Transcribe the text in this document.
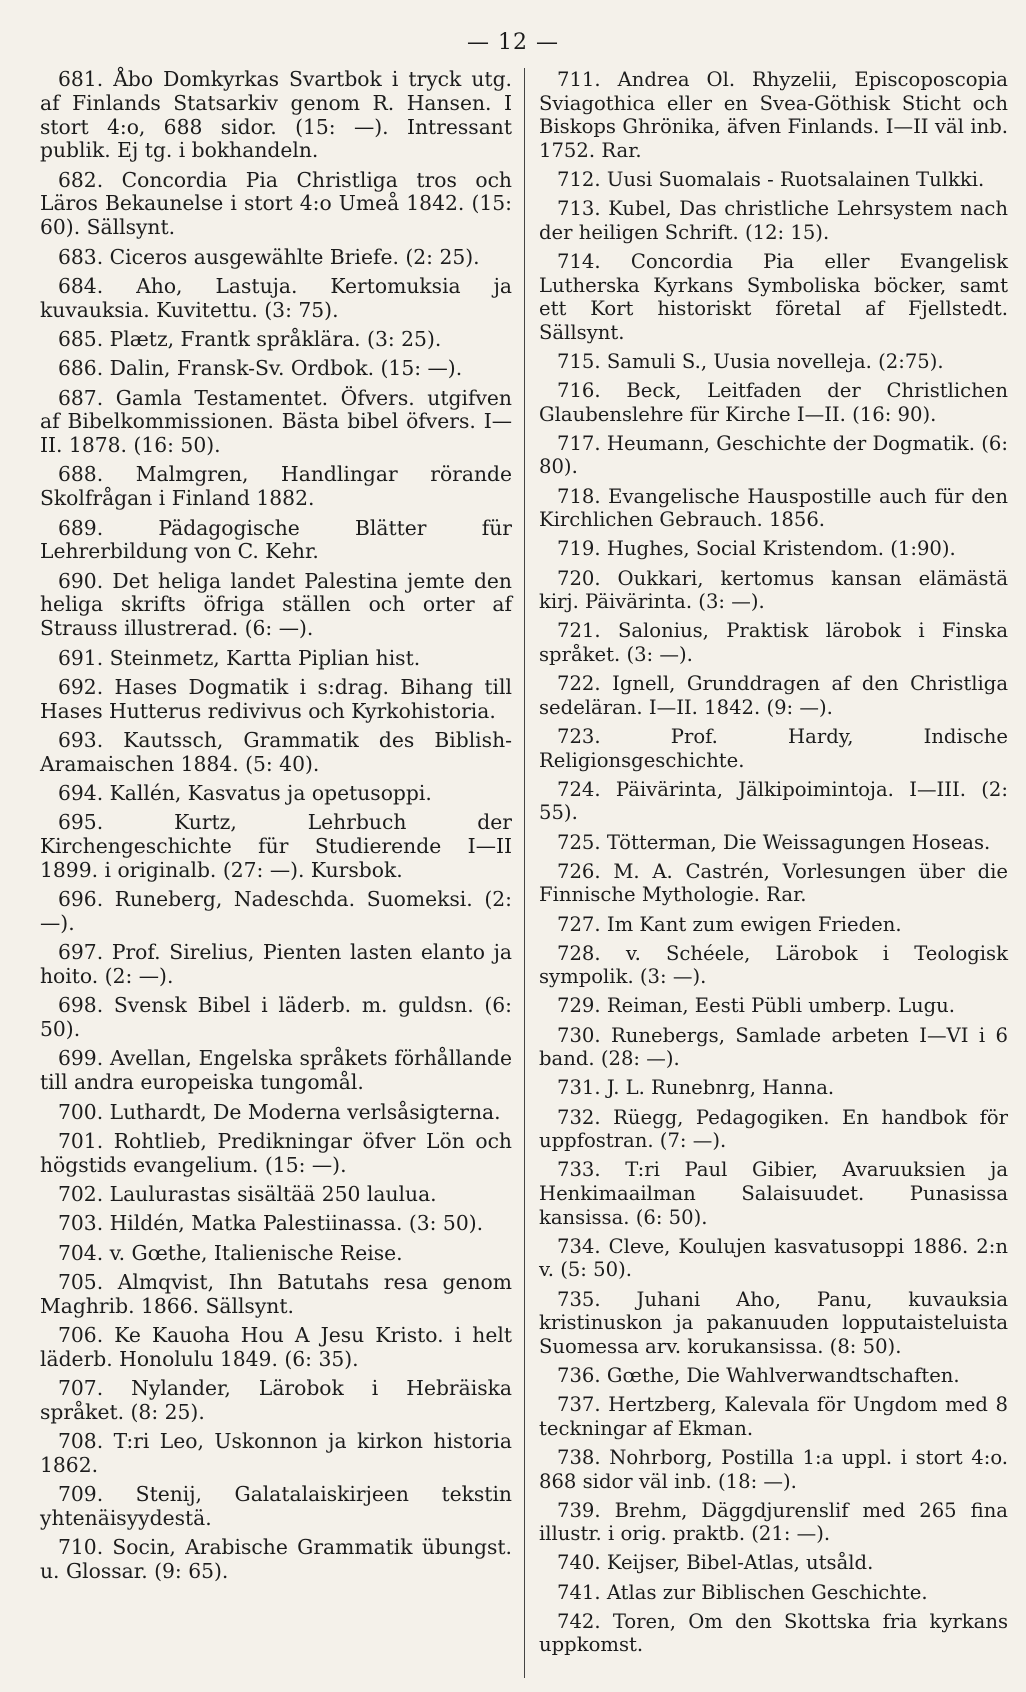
— 12 —

681. Åbo Domkyrkas Svartbok i tryck utg. af Finlands Statsarkiv genom R. Hansen. I stort 4:o, 688 sidor. (15: —). Intressant publik. Ej tg. i bokhandeln.

682. Concordia Pia Christliga tros och Läros Bekaunelse i stort 4:o Umeå 1842. (15: 60). Sällsynt.

683. Ciceros ausgewählte Briefe. (2: 25).

684. Aho, Lastuja. Kertomuksia ja kuvauksia. Kuvitettu. (3: 75).

685. Plætz, Frantk språklära. (3: 25).

686. Dalin, Fransk-Sv. Ordbok. (15: —).

687. Gamla Testamentet. Öfvers. utgifven af Bibelkommissionen. Bästa bibel öfvers. I—II. 1878. (16: 50).

688. Malmgren, Handlingar rörande Skolfrågan i Finland 1882.

689. Pädagogische Blätter für Lehrerbildung von C. Kehr.

690. Det heliga landet Palestina jemte den heliga skrifts öfriga ställen och orter af Strauss illustrerad. (6: —).

691. Steinmetz, Kartta Piplian hist.

692. Hases Dogmatik i s:drag. Bihang till Hases Hutterus redivivus och Kyrkohistoria.

693. Kautssch, Grammatik des Biblish-Aramaischen 1884. (5: 40).

694. Kallén, Kasvatus ja opetusoppi.

695. Kurtz, Lehrbuch der Kirchengeschichte für Studierende I—II 1899. i originalb. (27: —). Kursbok.

696. Runeberg, Nadeschda. Suomeksi. (2: —).

697. Prof. Sirelius, Pienten lasten elanto ja hoito. (2: —).

698. Svensk Bibel i läderb. m. guldsn. (6: 50).

699. Avellan, Engelska språkets förhållande till andra europeiska tungomål.

700. Luthardt, De Moderna verlsåsigterna.

701. Rohtlieb, Predikningar öfver Lön och högstids evangelium. (15: —).

702. Laulurastas sisältää 250 laulua.

703. Hildén, Matka Palestiinassa. (3: 50).

704. v. Gœthe, Italienische Reise.

705. Almqvist, Ihn Batutahs resa genom Maghrib. 1866. Sällsynt.

706. Ke Kauoha Hou A Jesu Kristo. i helt läderb. Honolulu 1849. (6: 35).

707. Nylander, Lärobok i Hebräiska språket. (8: 25).

708. T:ri Leo, Uskonnon ja kirkon historia 1862.

709. Stenij, Galatalaiskirjeen tekstin yhtenäisyydestä.

710. Socin, Arabische Grammatik übungst. u. Glossar. (9: 65).

711. Andrea Ol. Rhyzelii, Episcoposcopia Sviagothica eller en Svea-Göthisk Sticht och Biskops Ghrönika, äfven Finlands. I—II väl inb. 1752. Rar.

712. Uusi Suomalais - Ruotsalainen Tulkki.

713. Kubel, Das christliche Lehrsystem nach der heiligen Schrift. (12: 15).

714. Concordia Pia eller Evangelisk Lutherska Kyrkans Symboliska böcker, samt ett Kort historiskt företal af Fjellstedt. Sällsynt.

715. Samuli S., Uusia novelleja. (2:75).

716. Beck, Leitfaden der Christlichen Glaubenslehre für Kirche I—II. (16: 90).

717. Heumann, Geschichte der Dogmatik. (6: 80).

718. Evangelische Hauspostille auch für den Kirchlichen Gebrauch. 1856.

719. Hughes, Social Kristendom. (1:90).

720. Oukkari, kertomus kansan elämästä kirj. Päivärinta. (3: —).

721. Salonius, Praktisk lärobok i Finska språket. (3: —).

722. Ignell, Grunddragen af den Christliga sedeläran. I—II. 1842. (9: —).

723. Prof. Hardy, Indische Religionsgeschichte.

724. Päivärinta, Jälkipoimintoja. I—III. (2: 55).

725. Tötterman, Die Weissagungen Hoseas.

726. M. A. Castrén, Vorlesungen über die Finnische Mythologie. Rar.

727. Im Kant zum ewigen Frieden.

728. v. Schéele, Lärobok i Teologisk sympolik. (3: —).

729. Reiman, Eesti Pübli umberp. Lugu.

730. Runebergs, Samlade arbeten I—VI i 6 band. (28: —).

731. J. L. Runebnrg, Hanna.

732. Rüegg, Pedagogiken. En handbok för uppfostran. (7: —).

733. T:ri Paul Gibier, Avaruuksien ja Henkimaailman Salaisuudet. Punasissa kansissa. (6: 50).

734. Cleve, Koulujen kasvatusoppi 1886. 2:n v. (5: 50).

735. Juhani Aho, Panu, kuvauksia kristinuskon ja pakanuuden lopputaisteluista Suomessa arv. korukansissa. (8: 50).

736. Gœthe, Die Wahlverwandtschaften.

737. Hertzberg, Kalevala för Ungdom med 8 teckningar af Ekman.

738. Nohrborg, Postilla 1:a uppl. i stort 4:o. 868 sidor väl inb. (18: —).

739. Brehm, Däggdjurenslif med 265 fina illustr. i orig. praktb. (21: —).

740. Keijser, Bibel-Atlas, utsåld.

741. Atlas zur Biblischen Geschichte.

742. Toren, Om den Skottska fria kyrkans uppkomst.
